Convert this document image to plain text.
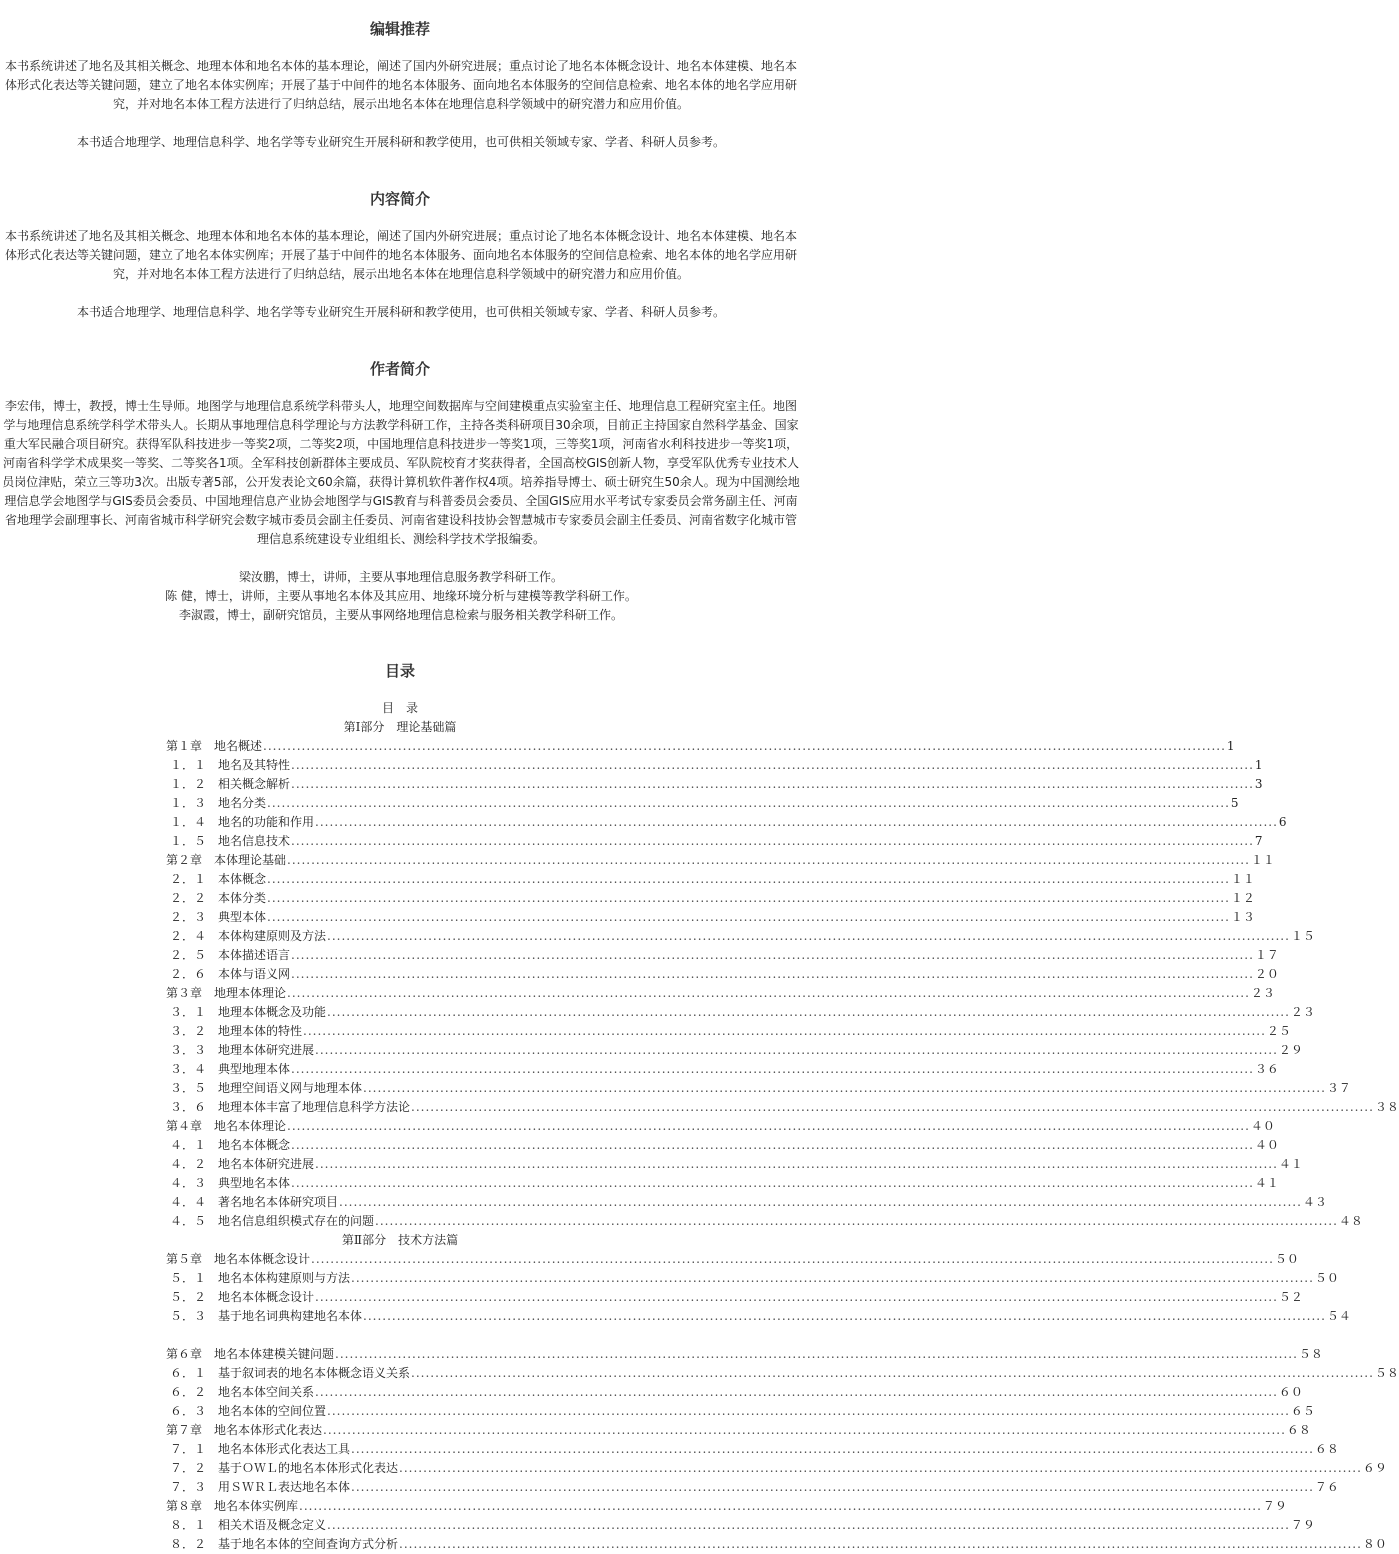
编辑推荐

本书系统讲述了地名及其相关概念、地理本体和地名本体的基本理论，阐述了国内外研究进展；重点讨论了地名本体概念设计、地名本体建模、地名本体形式化表达等关键问题，建立了地名本体实例库；开展了基于中间件的地名本体服务、面向地名本体服务的空间信息检索、地名本体的地名学应用研究，并对地名本体工程方法进行了归纳总结，展示出地名本体在地理信息科学领域中的研究潜力和应用价值。

本书适合地理学、地理信息科学、地名学等专业研究生开展科研和教学使用，也可供相关领域专家、学者、科研人员参考。

内容简介

本书系统讲述了地名及其相关概念、地理本体和地名本体的基本理论，阐述了国内外研究进展；重点讨论了地名本体概念设计、地名本体建模、地名本体形式化表达等关键问题，建立了地名本体实例库；开展了基于中间件的地名本体服务、面向地名本体服务的空间信息检索、地名本体的地名学应用研究，并对地名本体工程方法进行了归纳总结，展示出地名本体在地理信息科学领域中的研究潜力和应用价值。

本书适合地理学、地理信息科学、地名学等专业研究生开展科研和教学使用，也可供相关领域专家、学者、科研人员参考。

作者简介

李宏伟，博士，教授，博士生导师。地图学与地理信息系统学科带头人，地理空间数据库与空间建模重点实验室主任、地理信息工程研究室主任。地图学与地理信息系统学科学术带头人。长期从事地理信息科学理论与方法教学科研工作，主持各类科研项目30余项，目前正主持国家自然科学基金、国家重大军民融合项目研究。获得军队科技进步一等奖2项，二等奖2项，中国地理信息科技进步一等奖1项，三等奖1项，河南省水利科技进步一等奖1项，河南省科学学术成果奖一等奖、二等奖各1项。全军科技创新群体主要成员、军队院校育才奖获得者，全国高校GIS创新人物，享受军队优秀专业技术人员岗位津贴，荣立三等功3次。出版专著5部，公开发表论文60余篇，获得计算机软件著作权4项。培养指导博士、硕士研究生50余人。现为中国测绘地理信息学会地图学与GIS委员会委员、中国地理信息产业协会地图学与GIS教育与科普委员会委员、全国GIS应用水平考试专家委员会常务副主任、河南省地理学会副理事长、河南省城市科学研究会数字城市委员会副主任委员、河南省建设科技协会智慧城市专家委员会副主任委员、河南省数字化城市管理信息系统建设专业组组长、测绘科学技术学报编委。

梁汝鹏，博士，讲师，主要从事地理信息服务教学科研工作。

陈 健，博士，讲师，主要从事地名本体及其应用、地缘环境分析与建模等教学科研工作。

李淑霞，博士，副研究馆员，主要从事网络地理信息检索与服务相关教学科研工作。

目录
目　录
第Ⅰ部分　理论基础篇
第１章　地名概述 ........................................................................................................................................................................................................ 1
１．１　地名及其特性 ........................................................................................................................................................................................................ 1
１．２　相关概念解析 ........................................................................................................................................................................................................ 3
１．３　地名分类 ........................................................................................................................................................................................................ 5
１．４　地名的功能和作用 ........................................................................................................................................................................................................ 6
１．５　地名信息技术 ........................................................................................................................................................................................................ 7
第２章　本体理论基础 ........................................................................................................................................................................................................ １１
２．１　本体概念 ........................................................................................................................................................................................................ １１
２．２　本体分类 ........................................................................................................................................................................................................ １２
２．３　典型本体 ........................................................................................................................................................................................................ １３
２．４　本体构建原则及方法 ........................................................................................................................................................................................................ １５
２．５　本体描述语言 ........................................................................................................................................................................................................ １７
２．６　本体与语义网 ........................................................................................................................................................................................................ ２０
第３章　地理本体理论 ........................................................................................................................................................................................................ ２３
３．１　地理本体概念及功能 ........................................................................................................................................................................................................ ２３
３．２　地理本体的特性 ........................................................................................................................................................................................................ ２５
３．３　地理本体研究进展 ........................................................................................................................................................................................................ ２９
３．４　典型地理本体 ........................................................................................................................................................................................................ ３６
３．５　地理空间语义网与地理本体 ........................................................................................................................................................................................................ ３７
３．６　地理本体丰富了地理信息科学方法论 ........................................................................................................................................................................................................ ３８
第４章　地名本体理论 ........................................................................................................................................................................................................ ４０
４．１　地名本体概念 ........................................................................................................................................................................................................ ４０
４．２　地名本体研究进展 ........................................................................................................................................................................................................ ４１
４．３　典型地名本体 ........................................................................................................................................................................................................ ４１
４．４　著名地名本体研究项目 ........................................................................................................................................................................................................ ４３
４．５　地名信息组织模式存在的问题 ........................................................................................................................................................................................................ ４８
第Ⅱ部分　技术方法篇
第５章　地名本体概念设计 ........................................................................................................................................................................................................ ５０
５．１　地名本体构建原则与方法 ........................................................................................................................................................................................................ ５０
５．２　地名本体概念设计 ........................................................................................................................................................................................................ ５２
５．３　基于地名词典构建地名本体 ........................................................................................................................................................................................................ ５４
第６章　地名本体建模关键问题 ........................................................................................................................................................................................................ ５８
６．１　基于叙词表的地名本体概念语义关系 ........................................................................................................................................................................................................ ５８
６．２　地名本体空间关系 ........................................................................................................................................................................................................ ６０
６．３　地名本体的空间位置 ........................................................................................................................................................................................................ ６５
第７章　地名本体形式化表达 ........................................................................................................................................................................................................ ６８
７．１　地名本体形式化表达工具 ........................................................................................................................................................................................................ ６８
７．２　基于ＯＷＬ的地名本体形式化表达 ........................................................................................................................................................................................................ ６９
７．３　用ＳＷＲＬ表达地名本体 ........................................................................................................................................................................................................ ７６
第８章　地名本体实例库 ........................................................................................................................................................................................................ ７９
８．１　相关术语及概念定义 ........................................................................................................................................................................................................ ７９
８．２　基于地名本体的空间查询方式分析 ........................................................................................................................................................................................................ ８０
